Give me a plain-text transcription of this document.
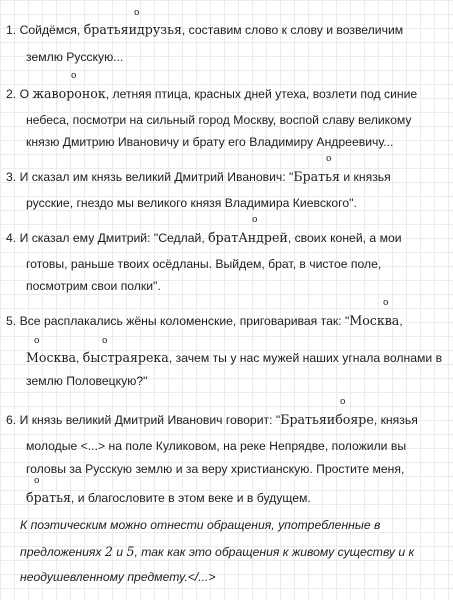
о
1. Сойдёмся, братьяидрузья, составим слово к слову и возвеличим
землю Русскую...
о
2. О жаворонок, летняя птица, красных дней утеха, возлети под синие
небеса, посмотри на сильный город Москву, воспой славу великому
князю Дмитрию Ивановичу и брату его Владимиру Андреевичу...
о
3. И сказал им князь великий Дмитрий Иванович: "Братья и князья
русские, гнездо мы великого князя Владимира Киевского".
о
4. И сказал ему Дмитрий: "Седлай, братАндрей, своих коней, а мои
готовы, раньше твоих осёдланы. Выйдем, брат, в чистое поле,
посмотрим свои полки".
о
о	о
5. Все расплакались жёны коломенские, приговаривая так: "Москва,
Москва, быстраярека, зачем ты у нас мужей наших угнала волнами в
землю Половецкую?"
о
о
6. И князь великий Дмитрий Иванович говорит: "Братьяибояре, князья
молодые <...> на поле Куликовом, на реке Непрядве, положили вы
головы за Русскую землю и за веру христианскую. Простите меня,
братья, и благословите в этом веке и в будущем.
К поэтическим можно отнести обращения, употребленные в
предложениях 2 и 5, так как это обращения к живому существу и к
неодушевленному предмету.</...>
